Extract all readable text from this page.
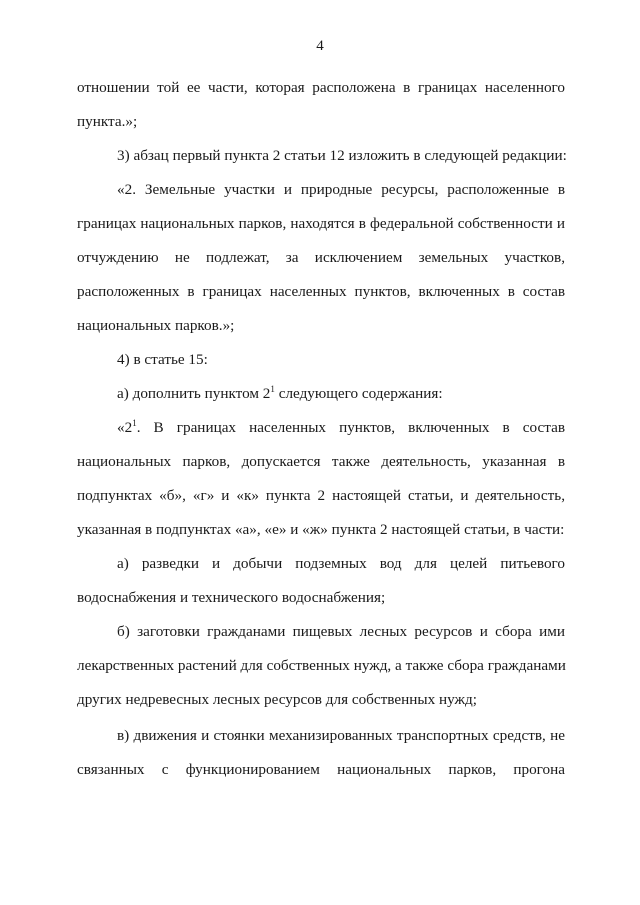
4
отношении той ее части, которая расположена в границах населенного
пункта.»;
3) абзац первый пункта 2 статьи 12 изложить в следующей редакции:
«2. Земельные участки и природные ресурсы, расположенные в
границах национальных парков, находятся в федеральной собственности и
отчуждению не подлежат, за исключением земельных участков,
расположенных в границах населенных пунктов, включенных в состав
национальных парков.»;
4) в статье 15:
а) дополнить пунктом $2^1$ следующего содержания:
«$2^1$. В границах населенных пунктов, включенных в состав
национальных парков, допускается также деятельность, указанная в
подпунктах «б», «г» и «к» пункта 2 настоящей статьи, и деятельность,
указанная в подпунктах «а», «е» и «ж» пункта 2 настоящей статьи, в части:
а) разведки и добычи подземных вод для целей питьевого
водоснабжения и технического водоснабжения;
б) заготовки гражданами пищевых лесных ресурсов и сбора ими
лекарственных растений для собственных нужд, а также сбора гражданами
других недревесных лесных ресурсов для собственных нужд;
в) движения и стоянки механизированных транспортных средств, не
связанных с функционированием национальных парков, прогона
